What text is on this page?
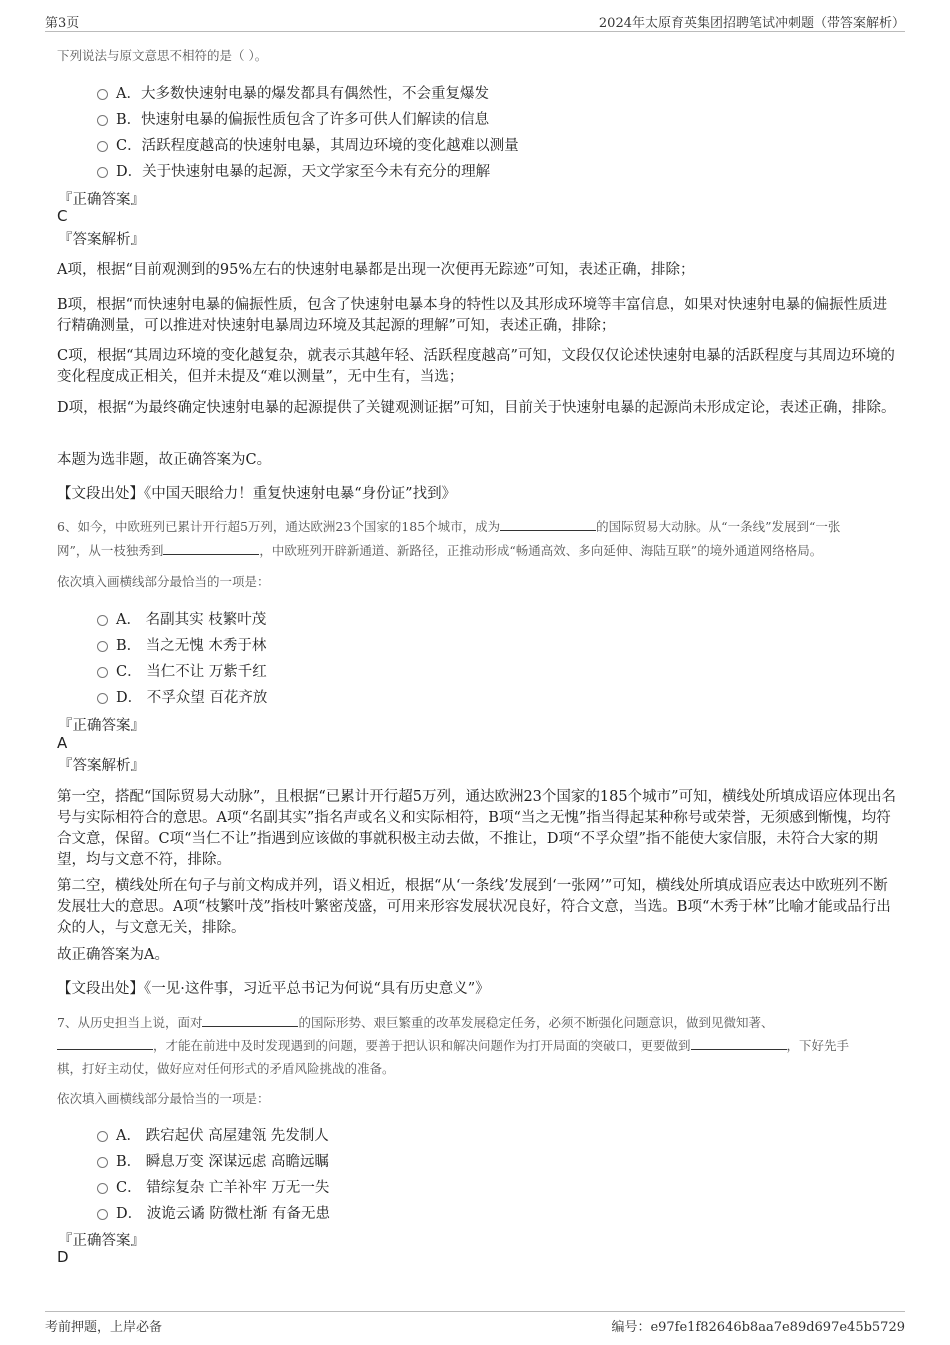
第3页	2024年太原育英集团招聘笔试冲刺题（带答案解析）
下列说法与原文意思不相符的是（ ）。
A．大多数快速射电暴的爆发都具有偶然性，不会重复爆发
B．快速射电暴的偏振性质包含了许多可供人们解读的信息
C．活跃程度越高的快速射电暴，其周边环境的变化越难以测量
D．关于快速射电暴的起源，天文学家至今未有充分的理解
『正确答案』
C
『答案解析』
A项，根据“目前观测到的95%左右的快速射电暴都是出现一次便再无踪迹”可知，表述正确，排除；
B项，根据“而快速射电暴的偏振性质，包含了快速射电暴本身的特性以及其形成环境等丰富信息，如果对快速射电暴的偏振性质进行精确测量，可以推进对快速射电暴周边环境及其起源的理解”可知，表述正确，排除；
C项，根据“其周边环境的变化越复杂，就表示其越年轻、活跃程度越高”可知，文段仅仅论述快速射电暴的活跃程度与其周边环境的变化程度成正相关，但并未提及“难以测量”，无中生有，当选；
D项，根据“为最终确定快速射电暴的起源提供了关键观测证据”可知，目前关于快速射电暴的起源尚未形成定论，表述正确，排除。
本题为选非题，故正确答案为C。
【文段出处】《中国天眼给力！重复快速射电暴“身份证”找到》
6、如今，中欧班列已累计开行超5万列，通达欧洲23个国家的185个城市，成为	的国际贸易大动脉。从“一条线”发展到“一张
网”，从一枝独秀到	，中欧班列开辟新通道、新路径，正推动形成“畅通高效、多向延伸、海陆互联”的境外通道网络格局。
依次填入画横线部分最恰当的一项是：
A． 名副其实 枝繁叶茂
B． 当之无愧 木秀于林
C． 当仁不让 万紫千红
D． 不孚众望 百花齐放
『正确答案』
A
『答案解析』
第一空，搭配“国际贸易大动脉”，且根据“已累计开行超5万列，通达欧洲23个国家的185个城市”可知，横线处所填成语应体现出名号与实际相符合的意思。A项“名副其实”指名声或名义和实际相符，B项“当之无愧”指当得起某种称号或荣誉，无须感到惭愧，均符合文意，保留。C项“当仁不让”指遇到应该做的事就积极主动去做，不推让，D项“不孚众望”指不能使大家信服，未符合大家的期望，均与文意不符，排除。
第二空，横线处所在句子与前文构成并列，语义相近，根据“从‘一条线’发展到‘一张网’”可知，横线处所填成语应表达中欧班列不断发展壮大的意思。A项“枝繁叶茂”指枝叶繁密茂盛，可用来形容发展状况良好，符合文意，当选。B项“木秀于林”比喻才能或品行出众的人，与文意无关，排除。
故正确答案为A。
【文段出处】《一见·这件事，习近平总书记为何说“具有历史意义”》
7、从历史担当上说，面对	的国际形势、艰巨繁重的改革发展稳定任务，必须不断强化问题意识，做到见微知著、
，才能在前进中及时发现遇到的问题，要善于把认识和解决问题作为打开局面的突破口，更要做到	，下好先手
棋，打好主动仗，做好应对任何形式的矛盾风险挑战的准备。
依次填入画横线部分最恰当的一项是：
A． 跌宕起伏 高屋建瓴 先发制人
B． 瞬息万变 深谋远虑 高瞻远瞩
C． 错综复杂 亡羊补牢 万无一失
D． 波诡云谲 防微杜渐 有备无患
『正确答案』
D
考前押题，上岸必备	编号：e97fe1f82646b8aa7e89d697e45b5729
